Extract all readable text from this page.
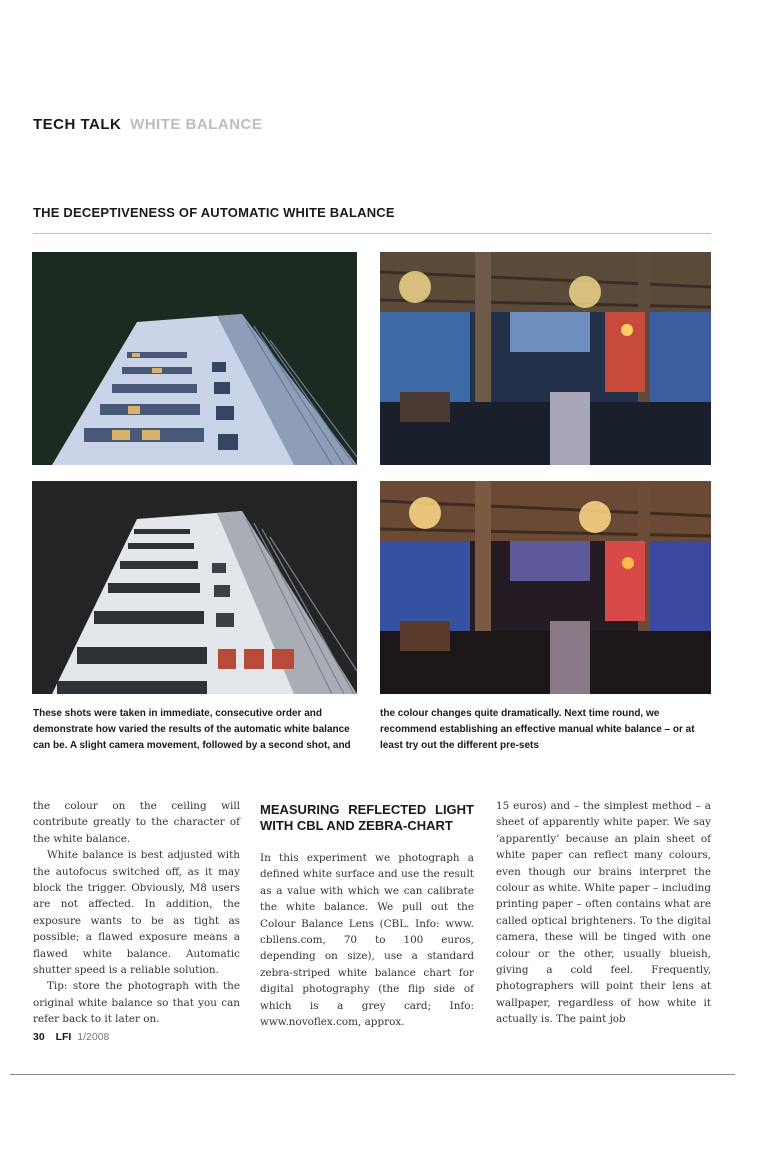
TECH TALK WHITE BALANCE
THE DECEPTIVENESS OF AUTOMATIC WHITE BALANCE
These shots were taken in immediate, consecutive order and demonstrate how varied the results of the automatic white balance can be. A slight camera movement, followed by a second shot, and
the colour changes quite dramatically. Next time round, we recommend establishing an effective manual white balance – or at least try out the different pre-sets

the colour on the ceiling will contribute greatly to the character of the white balance.

White balance is best adjusted with the autofocus switched off, as it may block the trigger. Obviously, M8 users are not affected. In addition, the exposure wants to be as tight as possible; a flawed exposure means a flawed white balance. Automatic shutter speed is a reliable solution.

Tip: store the photograph with the original white balance so that you can refer back to it later on.

MEASURING REFLECTED LIGHT WITH CBL AND ZEBRA-CHART

In this experiment we photograph a defined white surface and use the result as a value with which we can calibrate the white balance. We pull out the Colour Balance Lens (CBL. Info: www. cbllens.com, 70 to 100 euros, depending on size), use a standard zebra-striped white balance chart for digital photography (the flip side of which is a grey card; Info: www.novoflex.com, approx.

15 euros) and – the simplest method – a sheet of apparently white paper. We say ‘apparently’ because an plain sheet of white paper can reflect many colours, even though our brains interpret the colour as white. White paper – including printing paper – often contains what are called optical brighteners. To the digital camera, these will be tinged with one colour or the other, usually blueish, giving a cold feel. Frequently, photographers will point their lens at wallpaper, regardless of how white it actually is. The paint job

30 LFI 1/2008
